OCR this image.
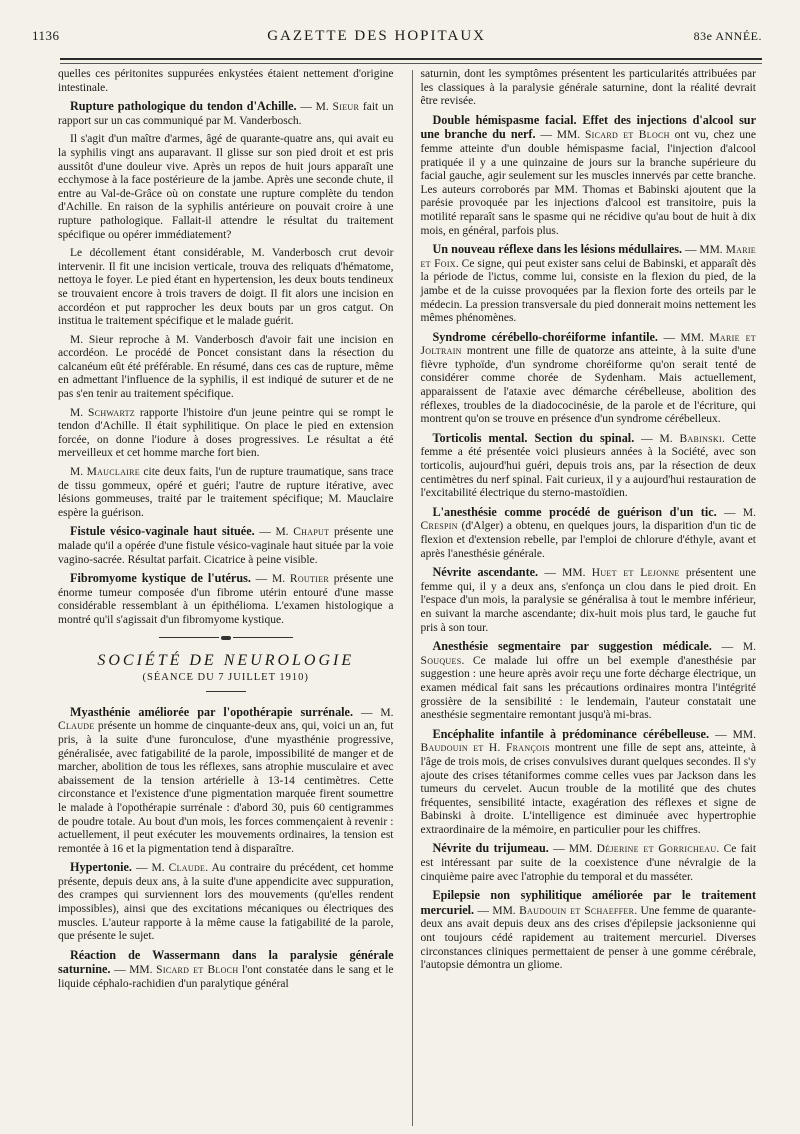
1136	GAZETTE DES HOPITAUX	83e ANNÉE.

quelles ces péritonites suppurées enkystées étaient nettement d'origine intestinale.

Rupture pathologique du tendon d'Achille. — M. Sieur fait un rapport sur un cas communiqué par M. Vanderbosch.

Il s'agit d'un maître d'armes, âgé de quarante-quatre ans, qui avait eu la syphilis vingt ans auparavant. Il glisse sur son pied droit et est pris aussitôt d'une douleur vive. Après un repos de huit jours apparaît une ecchymose à la face postérieure de la jambe. Après une seconde chute, il entre au Val-de-Grâce où on constate une rupture complète du tendon d'Achille. En raison de la syphilis antérieure on pouvait croire à une rupture pathologique. Fallait-il attendre le résultat du traitement spécifique ou opérer immédiatement?

Le décollement étant considérable, M. Vanderbosch crut devoir intervenir. Il fit une incision verticale, trouva des reliquats d'hématome, nettoya le foyer. Le pied étant en hypertension, les deux bouts tendineux se trouvaient encore à trois travers de doigt. Il fit alors une incision en accordéon et put rapprocher les deux bouts par un gros catgut. On institua le traitement spécifique et le malade guérit.

M. Sieur reproche à M. Vanderbosch d'avoir fait une incision en accordéon. Le procédé de Poncet consistant dans la résection du calcanéum eût été préférable. En résumé, dans ces cas de rupture, même en admettant l'influence de la syphilis, il est indiqué de suturer et de ne pas s'en tenir au traitement spécifique.

M. Schwartz rapporte l'histoire d'un jeune peintre qui se rompt le tendon d'Achille. Il était syphilitique. On place le pied en extension forcée, on donne l'iodure à doses progressives. Le résultat a été merveilleux et cet homme marche fort bien.

M. Mauclaire cite deux faits, l'un de rupture traumatique, sans trace de tissu gommeux, opéré et guéri; l'autre de rupture itérative, avec lésions gommeuses, traité par le traitement spécifique; M. Mauclaire espère la guérison.

Fistule vésico-vaginale haut située. — M. Chaput présente une malade qu'il a opérée d'une fistule vésico-vaginale haut située par la voie vagino-sacrée. Résultat parfait. Cicatrice à peine visible.

Fibromyome kystique de l'utérus. — M. Routier présente une énorme tumeur composée d'un fibrome utérin entouré d'une masse considérable ressemblant à un épithélioma. L'examen histologique a montré qu'il s'agissait d'un fibromyome kystique.

SOCIÉTÉ DE NEUROLOGIE
(SÉANCE DU 7 JUILLET 1910)

Myasthénie améliorée par l'opothérapie surrénale. — M. Claude présente un homme de cinquante-deux ans, qui, voici un an, fut pris, à la suite d'une furonculose, d'une myasthénie progressive, généralisée, avec fatigabilité de la parole, impossibilité de manger et de marcher, abolition de tous les réflexes, sans atrophie musculaire et avec abaissement de la tension artérielle à 13-14 centimètres. Cette circonstance et l'existence d'une pigmentation marquée firent soumettre le malade à l'opothérapie surrénale : d'abord 30, puis 60 centigrammes de poudre totale. Au bout d'un mois, les forces commençaient à revenir : actuellement, il peut exécuter les mouvements ordinaires, la tension est remontée à 16 et la pigmentation tend à disparaître.

Hypertonie. — M. Claude. Au contraire du précédent, cet homme présente, depuis deux ans, à la suite d'une appendicite avec suppuration, des crampes qui surviennent lors des mouvements (qu'elles rendent impossibles), ainsi que des excitations mécaniques ou électriques des muscles. L'auteur rapporte à la même cause la fatigabilité de la parole, que présente le sujet.

Réaction de Wassermann dans la paralysie générale saturnine. — MM. Sicard et Bloch l'ont constatée dans le sang et le liquide céphalo-rachidien d'un paralytique général

saturnin, dont les symptômes présentent les particularités attribuées par les classiques à la paralysie générale saturnine, dont la réalité devrait être revisée.

Double hémispasme facial. Effet des injections d'alcool sur une branche du nerf. — MM. Sicard et Bloch ont vu, chez une femme atteinte d'un double hémispasme facial, l'injection d'alcool pratiquée il y a une quinzaine de jours sur la branche supérieure du facial gauche, agir seulement sur les muscles innervés par cette branche. Les auteurs corroborés par MM. Thomas et Babinski ajoutent que la parésie provoquée par les injections d'alcool est transitoire, puis la motilité reparaît sans le spasme qui ne récidive qu'au bout de huit à dix mois, en général, parfois plus.

Un nouveau réflexe dans les lésions médullaires. — MM. Marie et Foix. Ce signe, qui peut exister sans celui de Babinski, et apparaît dès la période de l'ictus, comme lui, consiste en la flexion du pied, de la jambe et de la cuisse provoquées par la flexion forte des orteils par le médecin. La pression transversale du pied donnerait moins nettement les mêmes phénomènes.

Syndrome cérébello-choréiforme infantile. — MM. Marie et Joltrain montrent une fille de quatorze ans atteinte, à la suite d'une fièvre typhoïde, d'un syndrome choréiforme qu'on serait tenté de considérer comme chorée de Sydenham. Mais actuellement, apparaissent de l'ataxie avec démarche cérébelleuse, abolition des réflexes, troubles de la diadococinésie, de la parole et de l'écriture, qui montrent qu'on se trouve en présence d'un syndrome cérébelleux.

Torticolis mental. Section du spinal. — M. Babinski. Cette femme a été présentée voici plusieurs années à la Société, avec son torticolis, aujourd'hui guéri, depuis trois ans, par la résection de deux centimètres du nerf spinal. Fait curieux, il y a aujourd'hui restauration de l'excitabilité électrique du sterno-mastoïdien.

L'anesthésie comme procédé de guérison d'un tic. — M. Crespin (d'Alger) a obtenu, en quelques jours, la disparition d'un tic de flexion et d'extension rebelle, par l'emploi de chlorure d'éthyle, avant et après l'anesthésie générale.

Névrite ascendante. — MM. Huet et Lejonne présentent une femme qui, il y a deux ans, s'enfonça un clou dans le pied droit. En l'espace d'un mois, la paralysie se généralisa à tout le membre inférieur, en suivant la marche ascendante; dix-huit mois plus tard, le gauche fut pris à son tour.

Anesthésie segmentaire par suggestion médicale. — M. Souques. Ce malade lui offre un bel exemple d'anesthésie par suggestion : une heure après avoir reçu une forte décharge électrique, un examen médical fait sans les précautions ordinaires montra l'intégrité grossière de la sensibilité : le lendemain, l'auteur constatait une anesthésie segmentaire remontant jusqu'à mi-bras.

Encéphalite infantile à prédominance cérébelleuse. — MM. Baudouin et H. François montrent une fille de sept ans, atteinte, à l'âge de trois mois, de crises convulsives durant quelques secondes. Il s'y ajoute des crises tétaniformes comme celles vues par Jackson dans les tumeurs du cervelet. Aucun trouble de la motilité que des chutes fréquentes, sensibilité intacte, exagération des réflexes et signe de Babinski à droite. L'intelligence est diminuée avec hypertrophie extraordinaire de la mémoire, en particulier pour les chiffres.

Névrite du trijumeau. — MM. Déjerine et Gorricheau. Ce fait est intéressant par suite de la coexistence d'une névralgie de la cinquième paire avec l'atrophie du temporal et du masséter.

Epilepsie non syphilitique améliorée par le traitement mercuriel. — MM. Baudouin et Schaeffer. Une femme de quarante-deux ans avait depuis deux ans des crises d'épilepsie jacksonienne qui ont toujours cédé rapidement au traitement mercuriel. Diverses circonstances cliniques permettaient de penser à une gomme cérébrale, l'autopsie démontra un gliome.
